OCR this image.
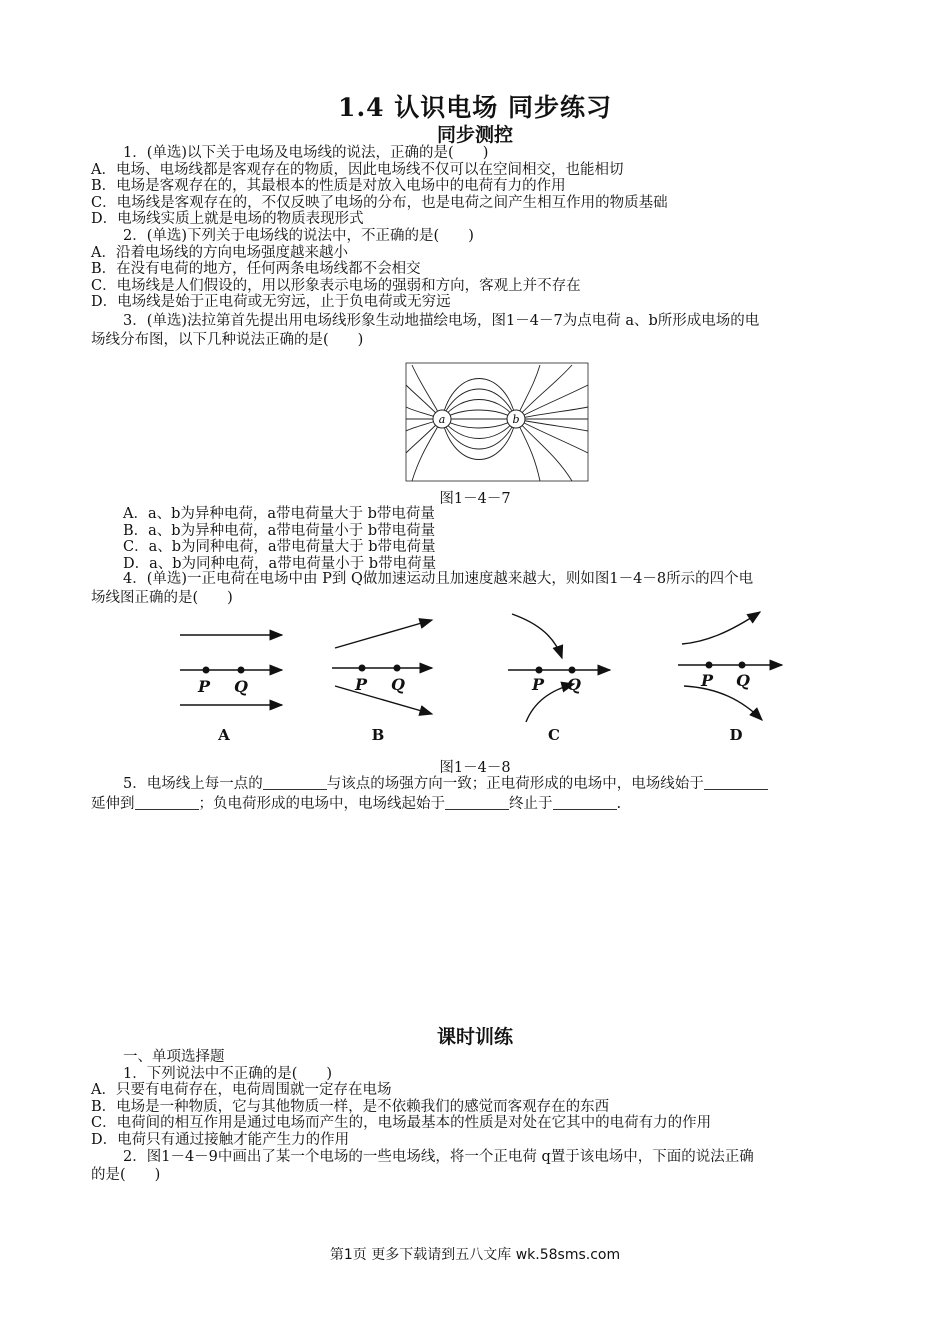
1.4 认识电场 同步练习
同步测控
1．(单选)以下关于电场及电场线的说法，正确的是(　　)
A．电场、电场线都是客观存在的物质，因此电场线不仅可以在空间相交，也能相切
B．电场是客观存在的，其最根本的性质是对放入电场中的电荷有力的作用
C．电场线是客观存在的，不仅反映了电场的分布，也是电荷之间产生相互作用的物质基础
D．电场线实质上就是电场的物质表现形式
2．(单选)下列关于电场线的说法中，不正确的是(　　)
A．沿着电场线的方向电场强度越来越小
B．在没有电荷的地方，任何两条电场线都不会相交
C．电场线是人们假设的，用以形象表示电场的强弱和方向，客观上并不存在
D．电场线是始于正电荷或无穷远，止于负电荷或无穷远
3．(单选)法拉第首先提出用电场线形象生动地描绘电场，图1－4－7为点电荷 a、b所形成电场的电
场线分布图，以下几种说法正确的是(　　)
a	b
图1－4－7
A．a、b为异种电荷，a带电荷量大于 b带电荷量
B．a、b为异种电荷，a带电荷量小于 b带电荷量
C．a、b为同种电荷，a带电荷量大于 b带电荷量
D．a、b为同种电荷，a带电荷量小于 b带电荷量
4．(单选)一正电荷在电场中由 P到 Q做加速运动且加速度越来越大，则如图1－4－8所示的四个电
场线图正确的是(　　)
P Q	P Q	P Q	P Q
A	B	C	D
图1－4－8
5．电场线上每一点的	与该点的场强方向一致；正电荷形成的电场中，电场线始于
延伸到	；负电荷形成的电场中，电场线起始于	终止于	.
课时训练
一、单项选择题
1．下列说法中不正确的是(　　)
A．只要有电荷存在，电荷周围就一定存在电场
B．电场是一种物质，它与其他物质一样，是不依赖我们的感觉而客观存在的东西
C．电荷间的相互作用是通过电场而产生的，电场最基本的性质是对处在它其中的电荷有力的作用
D．电荷只有通过接触才能产生力的作用
2．图1－4－9中画出了某一个电场的一些电场线，将一个正电荷 q置于该电场中，下面的说法正确
的是(　　)
第1页 更多下载请到五八文库 wk.58sms.com
